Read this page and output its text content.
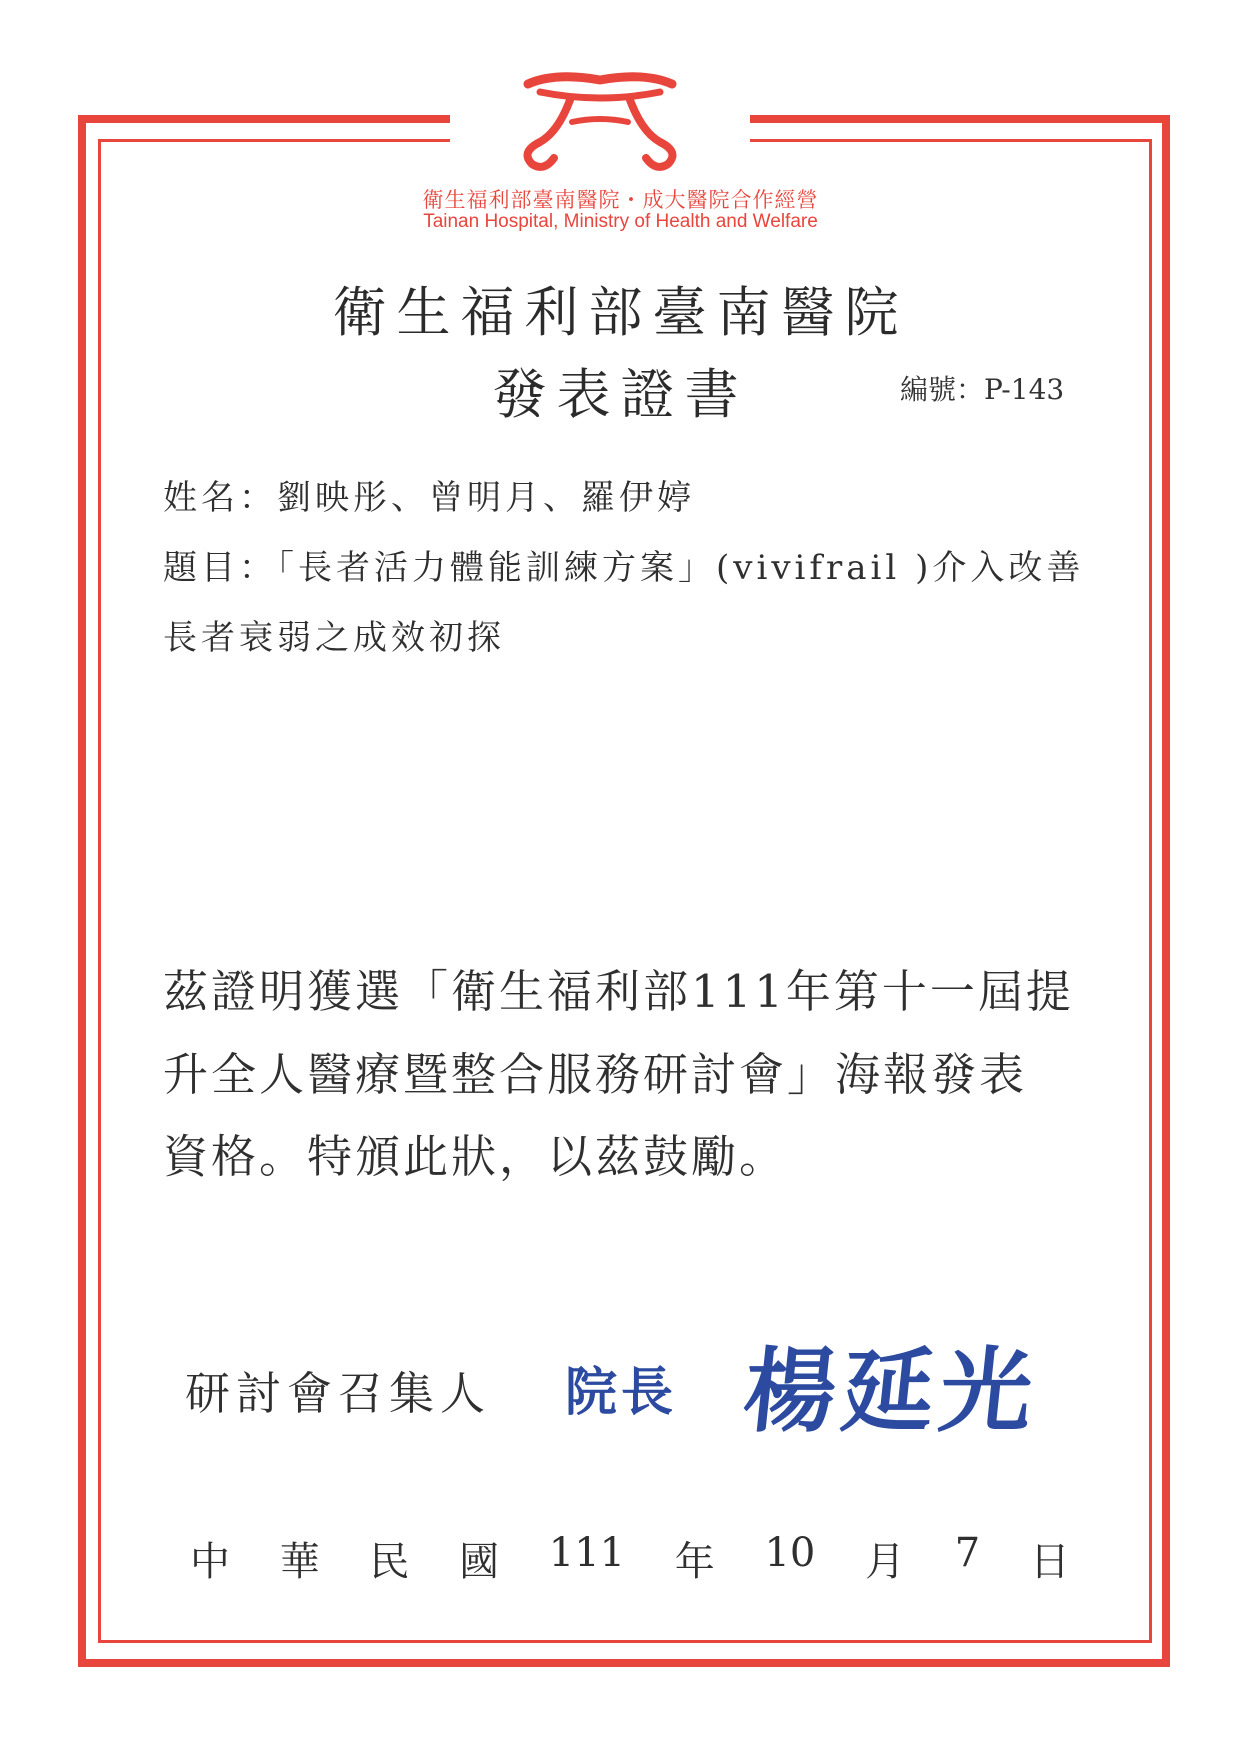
衛生福利部臺南醫院・成大醫院合作經營
Tainan Hospital, Ministry of Health and Welfare
衛生福利部臺南醫院
發表證書	編號：P-143
姓名：劉映彤、曾明月、羅伊婷
題目：「長者活力體能訓練方案」(vivifrail )介入改善
長者衰弱之成效初探
茲證明獲選「衛生福利部111年第十一屆提
升全人醫療暨整合服務研討會」海報發表
資格。特頒此狀，以茲鼓勵。
研討會召集人 院長 楊延光
中 華 民 國 111 年 10 月 7 日
